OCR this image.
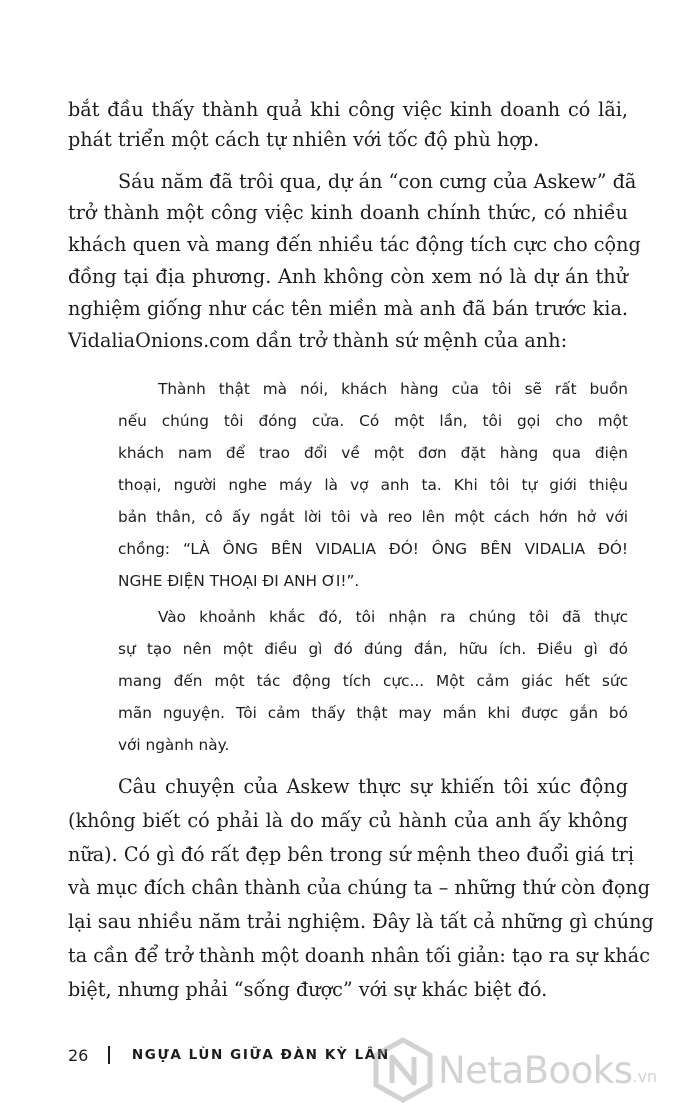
bắt đầu thấy thành quả khi công việc kinh doanh có lãi,
phát triển một cách tự nhiên với tốc độ phù hợp.
Sáu năm đã trôi qua, dự án “con cưng của Askew” đã
trở thành một công việc kinh doanh chính thức, có nhiều
khách quen và mang đến nhiều tác động tích cực cho cộng
đồng tại địa phương. Anh không còn xem nó là dự án thử
nghiệm giống như các tên miền mà anh đã bán trước kia.
VidaliaOnions.com dần trở thành sứ mệnh của anh:
Thành thật mà nói, khách hàng của tôi sẽ rất buồn
nếu chúng tôi đóng cửa. Có một lần, tôi gọi cho một
khách nam để trao đổi về một đơn đặt hàng qua điện
thoại, người nghe máy là vợ anh ta. Khi tôi tự giới thiệu
bản thân, cô ấy ngắt lời tôi và reo lên một cách hớn hở với
chồng: “LÀ ÔNG BÊN VIDALIA ĐÓ! ÔNG BÊN VIDALIA ĐÓ!
NGHE ĐIỆN THOẠI ĐI ANH ƠI!”.
Vào khoảnh khắc đó, tôi nhận ra chúng tôi đã thực
sự tạo nên một điều gì đó đúng đắn, hữu ích. Điều gì đó
mang đến một tác động tích cực... Một cảm giác hết sức
mãn nguyện. Tôi cảm thấy thật may mắn khi được gắn bó
với ngành này.
Câu chuyện của Askew thực sự khiến tôi xúc động
(không biết có phải là do mấy củ hành của anh ấy không
nữa). Có gì đó rất đẹp bên trong sứ mệnh theo đuổi giá trị
và mục đích chân thành của chúng ta – những thứ còn đọng
lại sau nhiều năm trải nghiệm. Đây là tất cả những gì chúng
ta cần để trở thành một doanh nhân tối giản: tạo ra sự khác
biệt, nhưng phải “sống được” với sự khác biệt đó.
26	NGỰA LÙN GIỮA ĐÀN KỲ LÂN NetaBooks .vn
